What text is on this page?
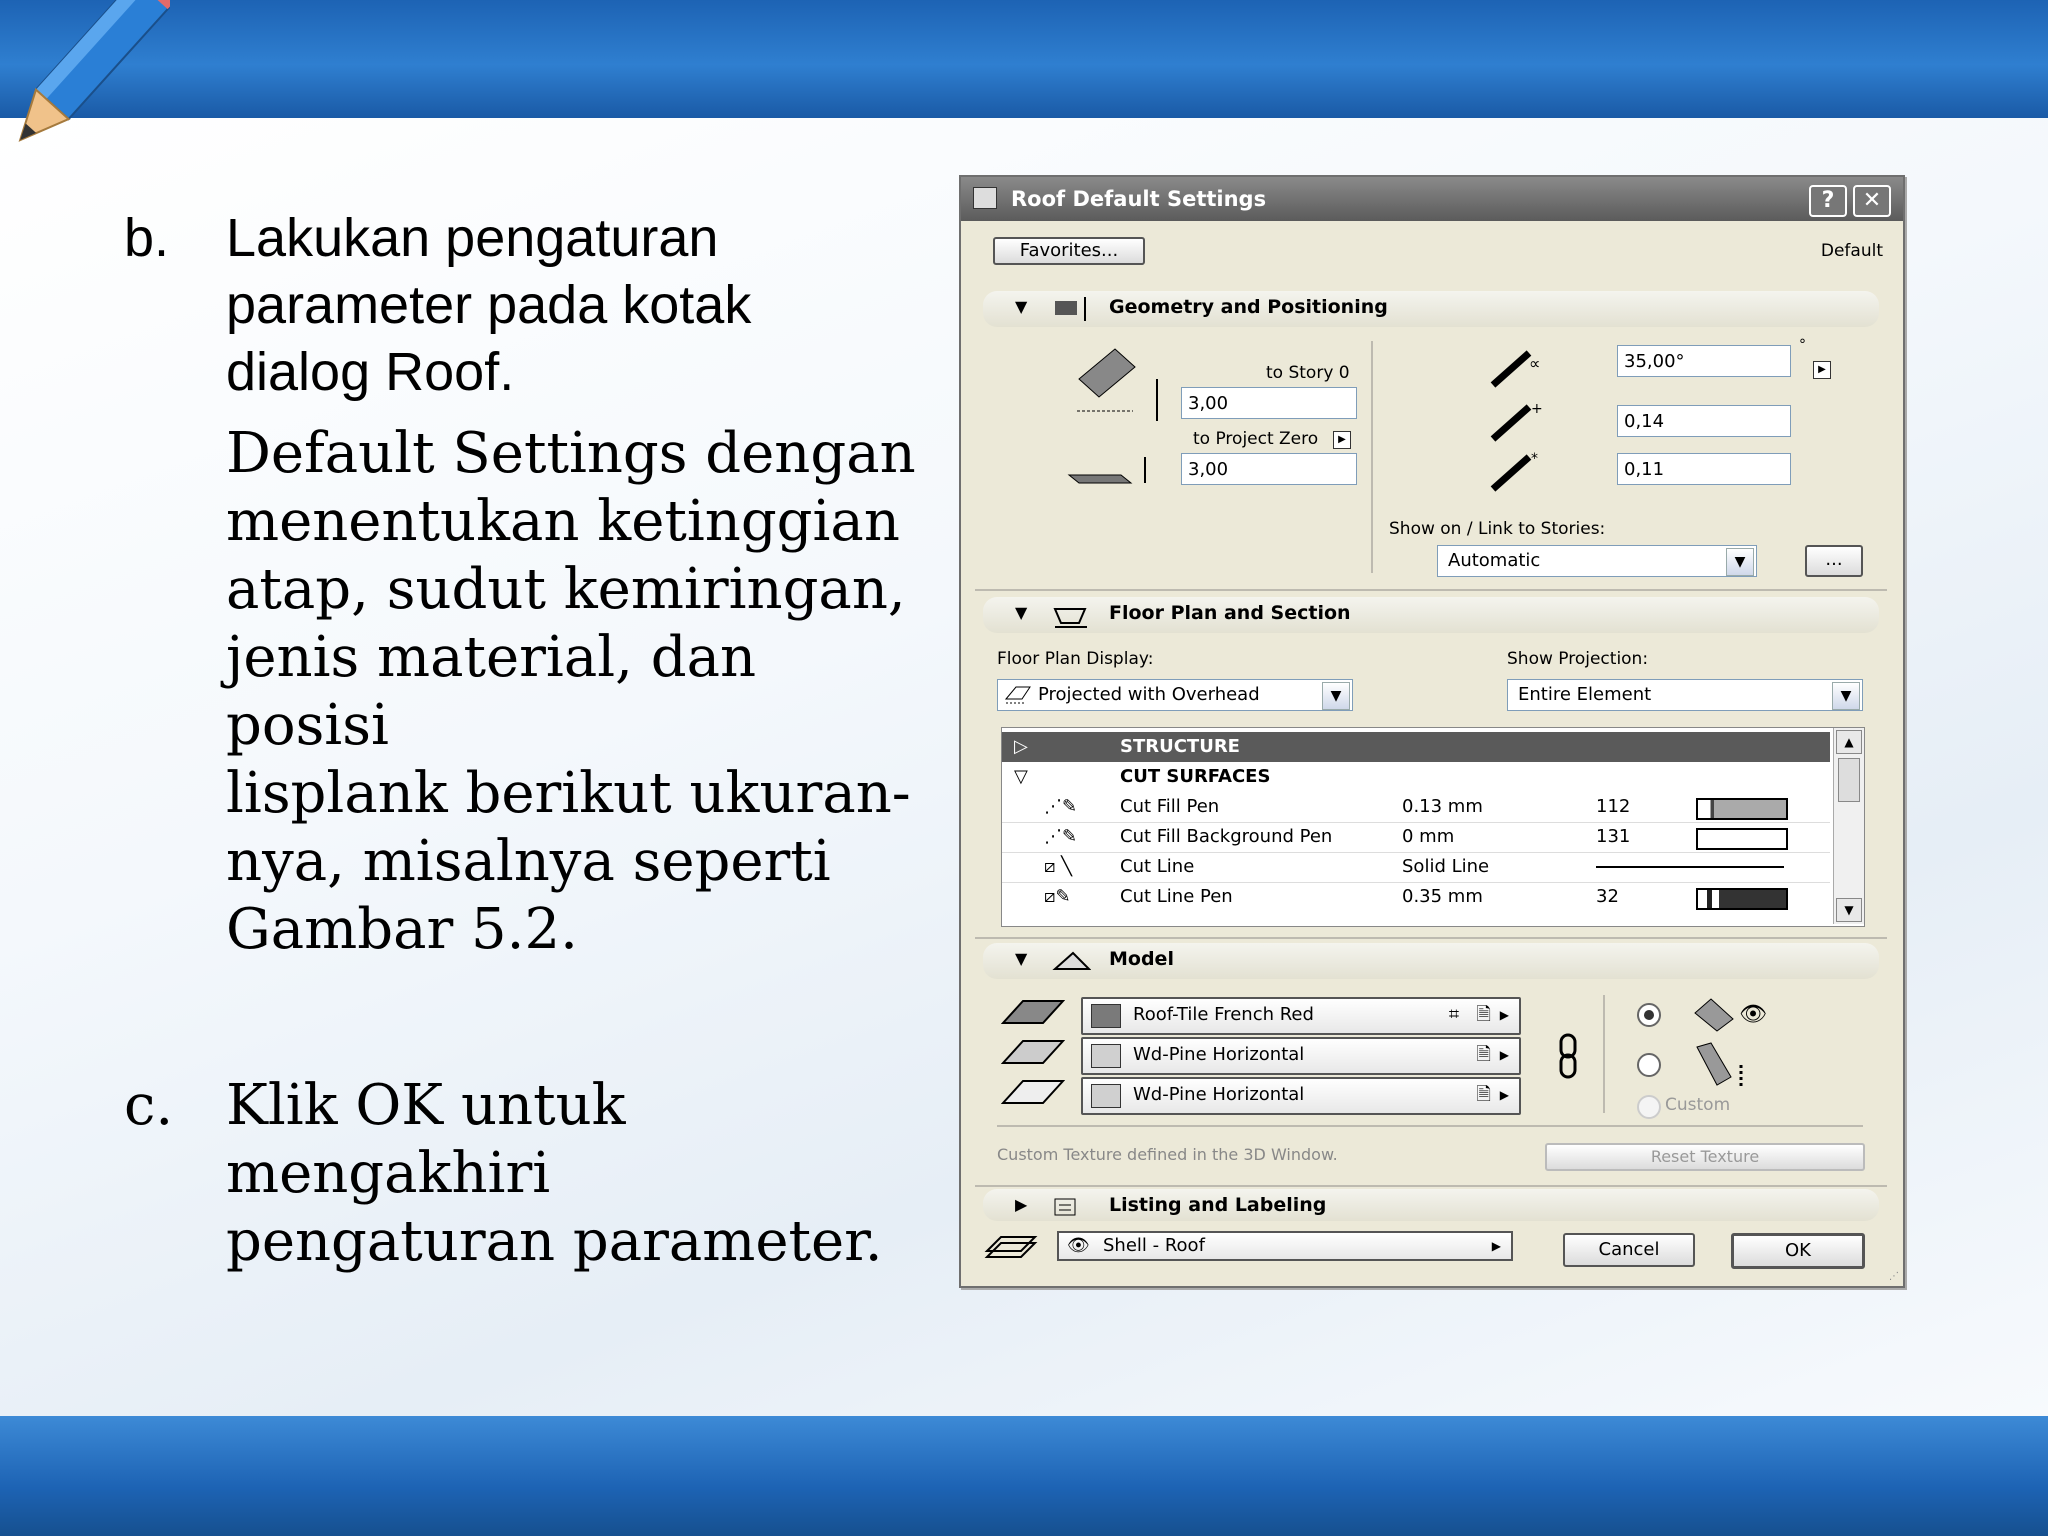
b. Lakukan pengaturan
parameter pada kotak
dialog Roof.
Default Settings dengan
menentukan ketinggian
atap, sudut kemiringan,
jenis material, dan posisi
lisplank berikut ukuran-
nya, misalnya seperti
Gambar 5.2.
c. Klik OK untuk mengakhiri
pengaturan parameter.
Roof Default Settings	?	✕
Favorites...	Default
▼	Geometry and Positioning
to Story 0
3,00
to Project Zero	▶
3,00
∝	35,00°
°
▶
+
0,14
*	0,11
Show on / Link to Stories:
Automatic	▼	...
▼	Floor Plan and Section
Floor Plan Display:
Projected with Overhead	▼
Show Projection:
Entire Element	▼
▷	STRUCTURE
▽	CUT SURFACES
⋰✎ Cut Fill Pen	0.13 mm	112
⋰✎ Cut Fill Background Pen	0 mm	131
⧄ ╲	Cut Line	Solid Line
⧄✎	Cut Line Pen	0.35 mm	32
▲
▼
▼	Model
Roof-Tile French Red	⌗ 🗎 ▶
Wd-Pine Horizontal	🗎 ▶
Wd-Pine Horizontal	🗎 ▶
👁
Custom
Custom Texture defined in the 3D Window.	Reset Texture
▶	Listing and Labeling
👁 Shell - Roof	▶	Cancel	OK
⋰
